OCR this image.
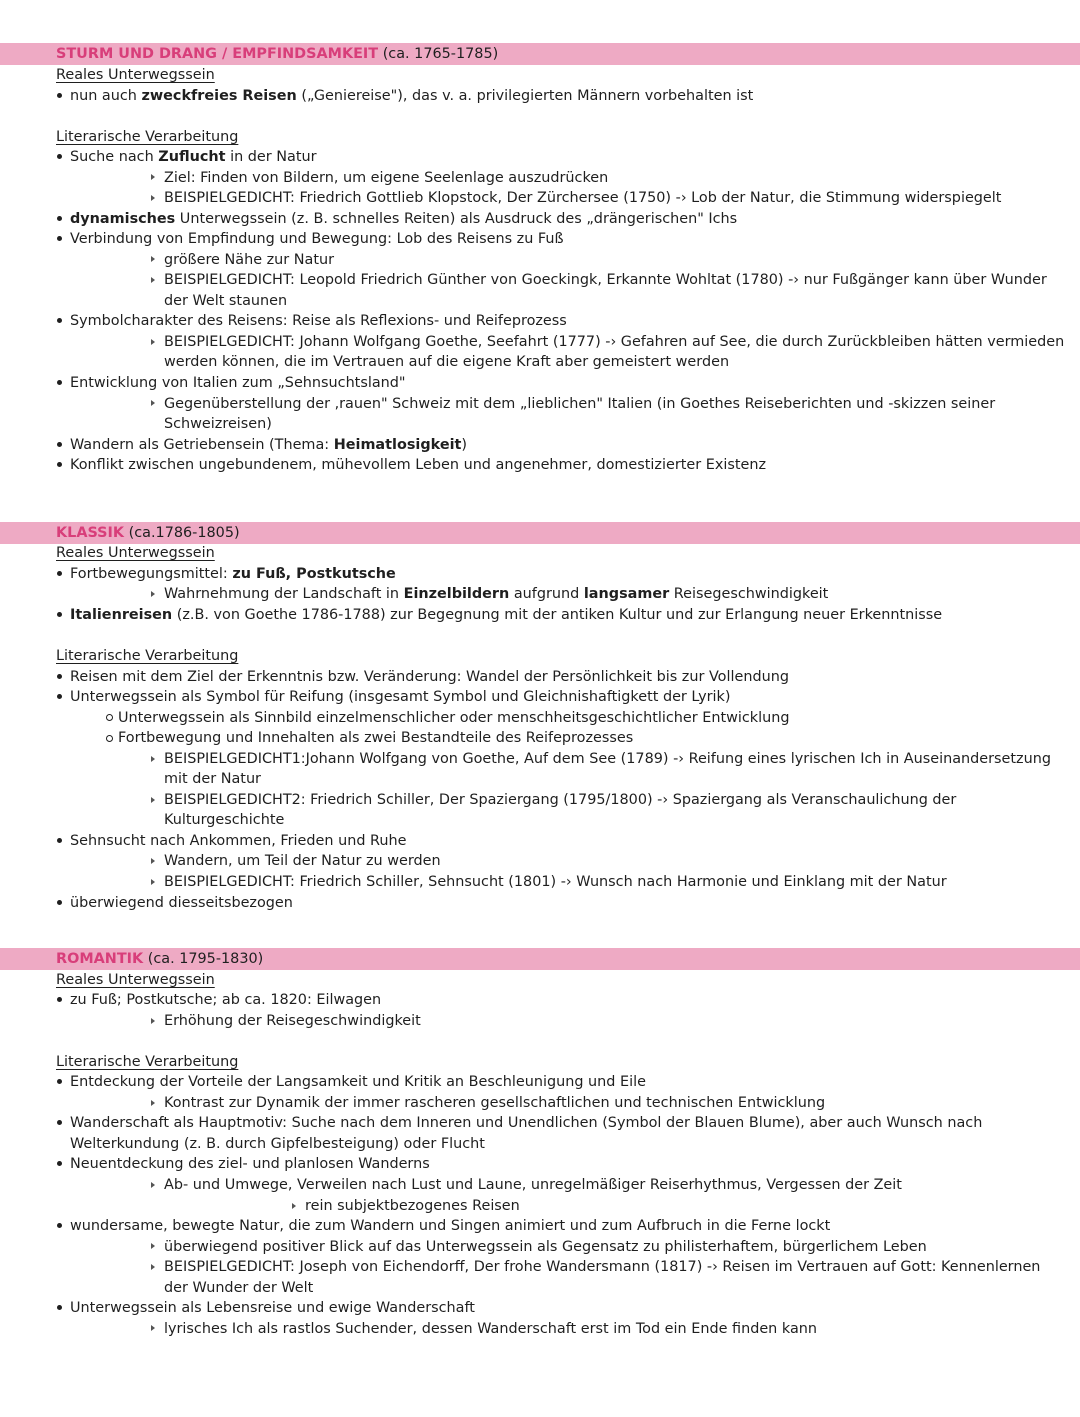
STURM UND DRANG / EMPFINDSAMKEIT (ca. 1765-1785)
Reales Unterwegssein
nun auch zweckfreies Reisen („Geniereise"), das v. a. privilegierten Männern vorbehalten ist
Literarische Verarbeitung
Suche nach Zuflucht in der Natur
Ziel: Finden von Bildern, um eigene Seelenlage auszudrücken
BEISPIELGEDICHT: Friedrich Gottlieb Klopstock, Der Zürchersee (1750) -› Lob der Natur, die Stimmung widerspiegelt
dynamisches Unterwegssein (z. B. schnelles Reiten) als Ausdruck des „drängerischen" Ichs
Verbindung von Empfindung und Bewegung: Lob des Reisens zu Fuß
größere Nähe zur Natur
BEISPIELGEDICHT: Leopold Friedrich Günther von Goeckingk, Erkannte Wohltat (1780) -› nur Fußgänger kann über Wunder
der Welt staunen
Symbolcharakter des Reisens: Reise als Reflexions- und Reifeprozess
BEISPIELGEDICHT: Johann Wolfgang Goethe, Seefahrt (1777) -› Gefahren auf See, die durch Zurückbleiben hätten vermieden
werden können, die im Vertrauen auf die eigene Kraft aber gemeistert werden
Entwicklung von Italien zum „Sehnsuchtsland"
Gegenüberstellung der ‚rauen" Schweiz mit dem „lieblichen" Italien (in Goethes Reiseberichten und -skizzen seiner
Schweizreisen)
Wandern als Getriebensein (Thema: Heimatlosigkeit)
Konflikt zwischen ungebundenem, mühevollem Leben und angenehmer, domestizierter Existenz
KLASSIK (ca.1786-1805)
Reales Unterwegssein
Fortbewegungsmittel: zu Fuß, Postkutsche
Wahrnehmung der Landschaft in Einzelbildern aufgrund langsamer Reisegeschwindigkeit
Italienreisen (z.B. von Goethe 1786-1788) zur Begegnung mit der antiken Kultur und zur Erlangung neuer Erkenntnisse
Literarische Verarbeitung
Reisen mit dem Ziel der Erkenntnis bzw. Veränderung: Wandel der Persönlichkeit bis zur Vollendung
Unterwegssein als Symbol für Reifung (insgesamt Symbol und Gleichnishaftigkett der Lyrik)
Unterwegssein als Sinnbild einzelmenschlicher oder menschheitsgeschichtlicher Entwicklung
Fortbewegung und Innehalten als zwei Bestandteile des Reifeprozesses
BEISPIELGEDICHT1:Johann Wolfgang von Goethe, Auf dem See (1789) -› Reifung eines lyrischen Ich in Auseinandersetzung
mit der Natur
BEISPIELGEDICHT2: Friedrich Schiller, Der Spaziergang (1795/1800) -› Spaziergang als Veranschaulichung der
Kulturgeschichte
Sehnsucht nach Ankommen, Frieden und Ruhe
Wandern, um Teil der Natur zu werden
BEISPIELGEDICHT: Friedrich Schiller, Sehnsucht (1801) -› Wunsch nach Harmonie und Einklang mit der Natur
überwiegend diesseitsbezogen
ROMANTIK (ca. 1795-1830)
Reales Unterwegssein
zu Fuß; Postkutsche; ab ca. 1820: Eilwagen
Erhöhung der Reisegeschwindigkeit
Literarische Verarbeitung
Entdeckung der Vorteile der Langsamkeit und Kritik an Beschleunigung und Eile
Kontrast zur Dynamik der immer rascheren gesellschaftlichen und technischen Entwicklung
Wanderschaft als Hauptmotiv: Suche nach dem Inneren und Unendlichen (Symbol der Blauen Blume), aber auch Wunsch nach
Welterkundung (z. B. durch Gipfelbesteigung) oder Flucht
Neuentdeckung des ziel- und planlosen Wanderns
Ab- und Umwege, Verweilen nach Lust und Laune, unregelmäßiger Reiserhythmus, Vergessen der Zeit
rein subjektbezogenes Reisen
wundersame, bewegte Natur, die zum Wandern und Singen animiert und zum Aufbruch in die Ferne lockt
überwiegend positiver Blick auf das Unterwegssein als Gegensatz zu philisterhaftem, bürgerlichem Leben
BEISPIELGEDICHT: Joseph von Eichendorff, Der frohe Wandersmann (1817) -› Reisen im Vertrauen auf Gott: Kennenlernen
der Wunder der Welt
Unterwegssein als Lebensreise und ewige Wanderschaft
lyrisches Ich als rastlos Suchender, dessen Wanderschaft erst im Tod ein Ende finden kann
